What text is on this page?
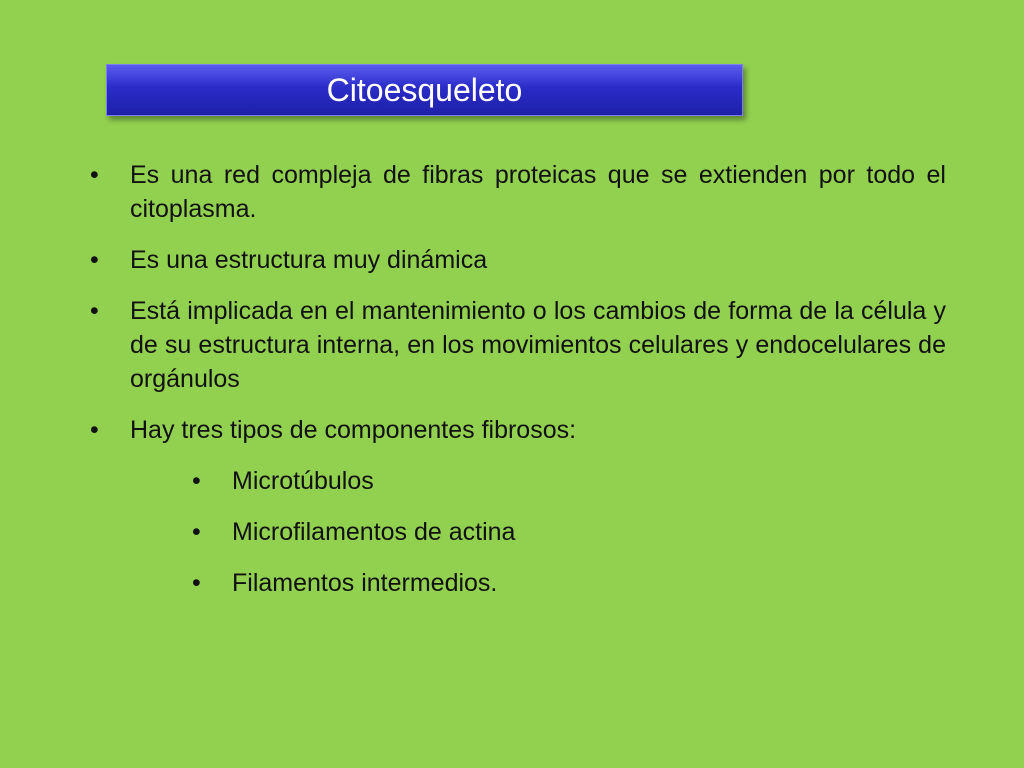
Citoesqueleto
•	Es una red compleja de fibras proteicas que se extienden por todo el citoplasma.
•	Es una estructura muy dinámica
•	Está implicada en el mantenimiento o los cambios de forma de la célula y de su estructura interna, en los movimientos celulares y endocelulares de orgánulos
•	Hay tres tipos de componentes fibrosos:
•	Microtúbulos
•	Microfilamentos de actina
•	Filamentos intermedios.
